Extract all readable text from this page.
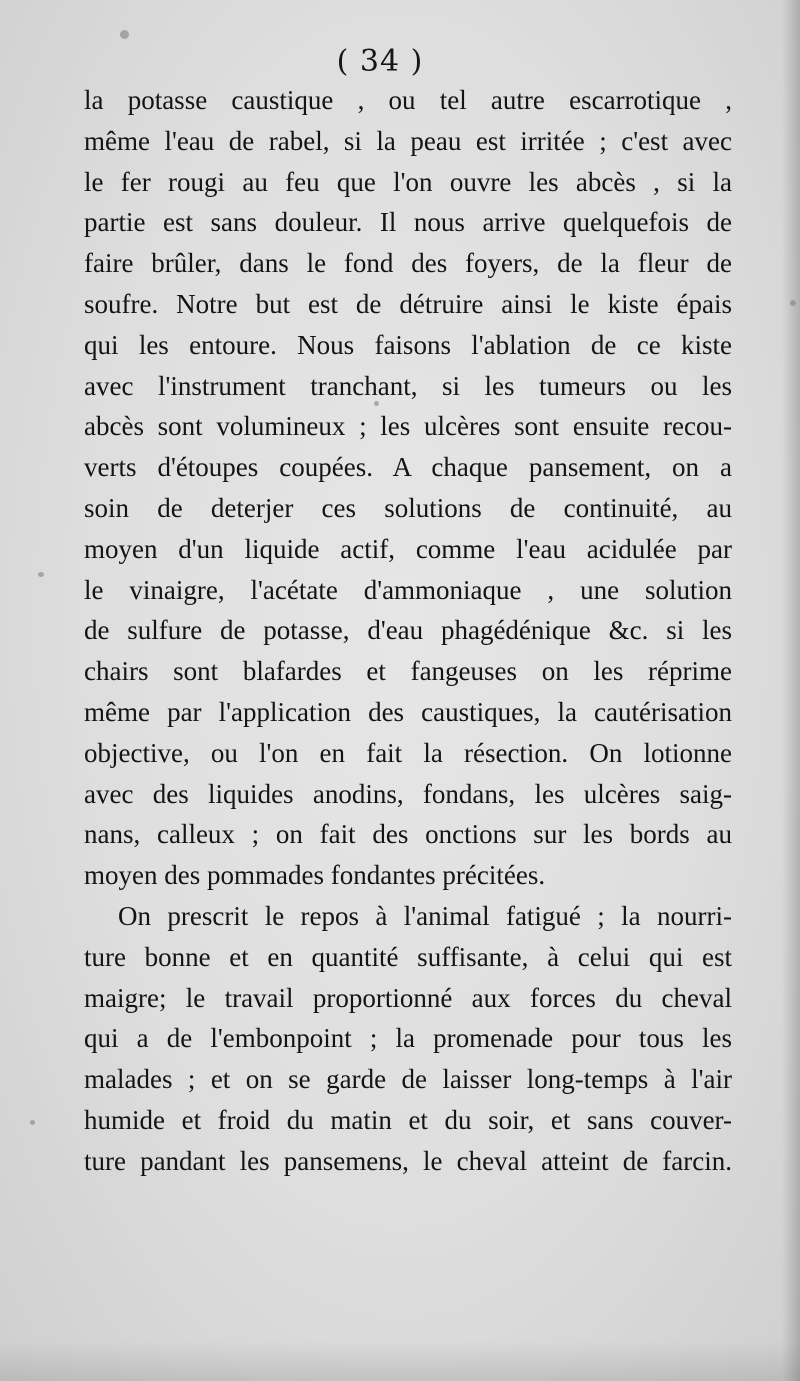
( 34 )
la potasse caustique , ou tel autre escarrotique ,
même l'eau de rabel, si la peau est irritée ; c'est avec
le fer rougi au feu que l'on ouvre les abcès , si la
partie est sans douleur. Il nous arrive quelquefois de
faire brûler, dans le fond des foyers, de la fleur de
soufre. Notre but est de détruire ainsi le kiste épais
qui les entoure. Nous faisons l'ablation de ce kiste
avec l'instrument tranchant, si les tumeurs ou les
abcès sont volumineux ; les ulcères sont ensuite recou-
verts d'étoupes coupées. A chaque pansement, on a
soin de deterjer ces solutions de continuité, au
moyen d'un liquide actif, comme l'eau acidulée par
le vinaigre, l'acétate d'ammoniaque , une solution
de sulfure de potasse, d'eau phagédénique &c. si les
chairs sont blafardes et fangeuses on les réprime
même par l'application des caustiques, la cautérisation
objective, ou l'on en fait la résection. On lotionne
avec des liquides anodins, fondans, les ulcères saig-
nans, calleux ; on fait des onctions sur les bords au
moyen des pommades fondantes précitées.
On prescrit le repos à l'animal fatigué ; la nourri-
ture bonne et en quantité suffisante, à celui qui est
maigre; le travail proportionné aux forces du cheval
qui a de l'embonpoint ; la promenade pour tous les
malades ; et on se garde de laisser long-temps à l'air
humide et froid du matin et du soir, et sans couver-
ture pandant les pansemens, le cheval atteint de farcin.
